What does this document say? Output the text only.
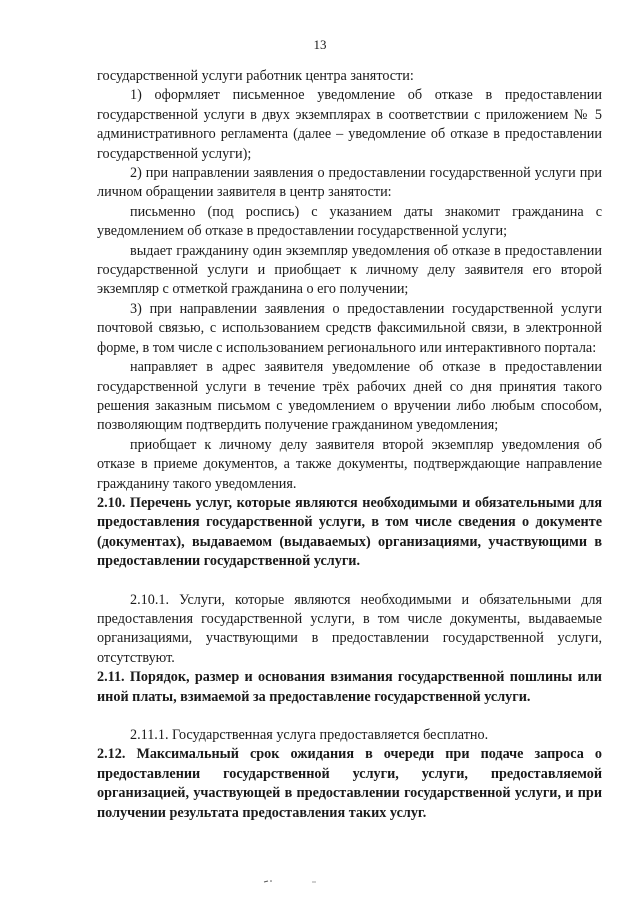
13

государственной услуги работник центра занятости:

1) оформляет письменное уведомление об отказе в предоставлении государственной услуги в двух экземплярах в соответствии с приложением № 5 административного регламента (далее – уведомление об отказе в предоставлении государственной услуги);

2) при направлении заявления о предоставлении государственной услуги при личном обращении заявителя в центр занятости:

письменно (под роспись) с указанием даты знакомит гражданина с уведомлением об отказе в предоставлении государственной услуги;

выдает гражданину один экземпляр уведомления об отказе в предоставлении государственной услуги и приобщает к личному делу заявителя его второй экземпляр с отметкой гражданина о его получении;

3) при направлении заявления о предоставлении государственной услуги почтовой связью, с использованием средств факсимильной связи, в электронной форме, в том числе с использованием регионального или интерактивного портала:

направляет в адрес заявителя уведомление об отказе в предоставлении государственной услуги в течение трёх рабочих дней со дня принятия такого решения заказным письмом с уведомлением о вручении либо любым способом, позволяющим подтвердить получение гражданином уведомления;

приобщает к личному делу заявителя второй экземпляр уведомления об отказе в приеме документов, а также документы, подтверждающие направление гражданину такого уведомления.

2.10. Перечень услуг, которые являются необходимыми и обязательными для предоставления государственной услуги, в том числе сведения о документе (документах), выдаваемом (выдаваемых) организациями, участвующими в предоставлении государственной услуги.

2.10.1. Услуги, которые являются необходимыми и обязательными для предоставления государственной услуги, в том числе документы, выдаваемые организациями, участвующими в предоставлении государственной услуги, отсутствуют.

2.11. Порядок, размер и основания взимания государственной пошлины или иной платы, взимаемой за предоставление государственной услуги.

2.11.1. Государственная услуга предоставляется бесплатно.

2.12. Максимальный срок ожидания в очереди при подаче запроса о предоставлении государственной услуги, услуги, предоставляемой организацией, участвующей в предоставлении государственной услуги, и при получении результата предоставления таких услуг.
